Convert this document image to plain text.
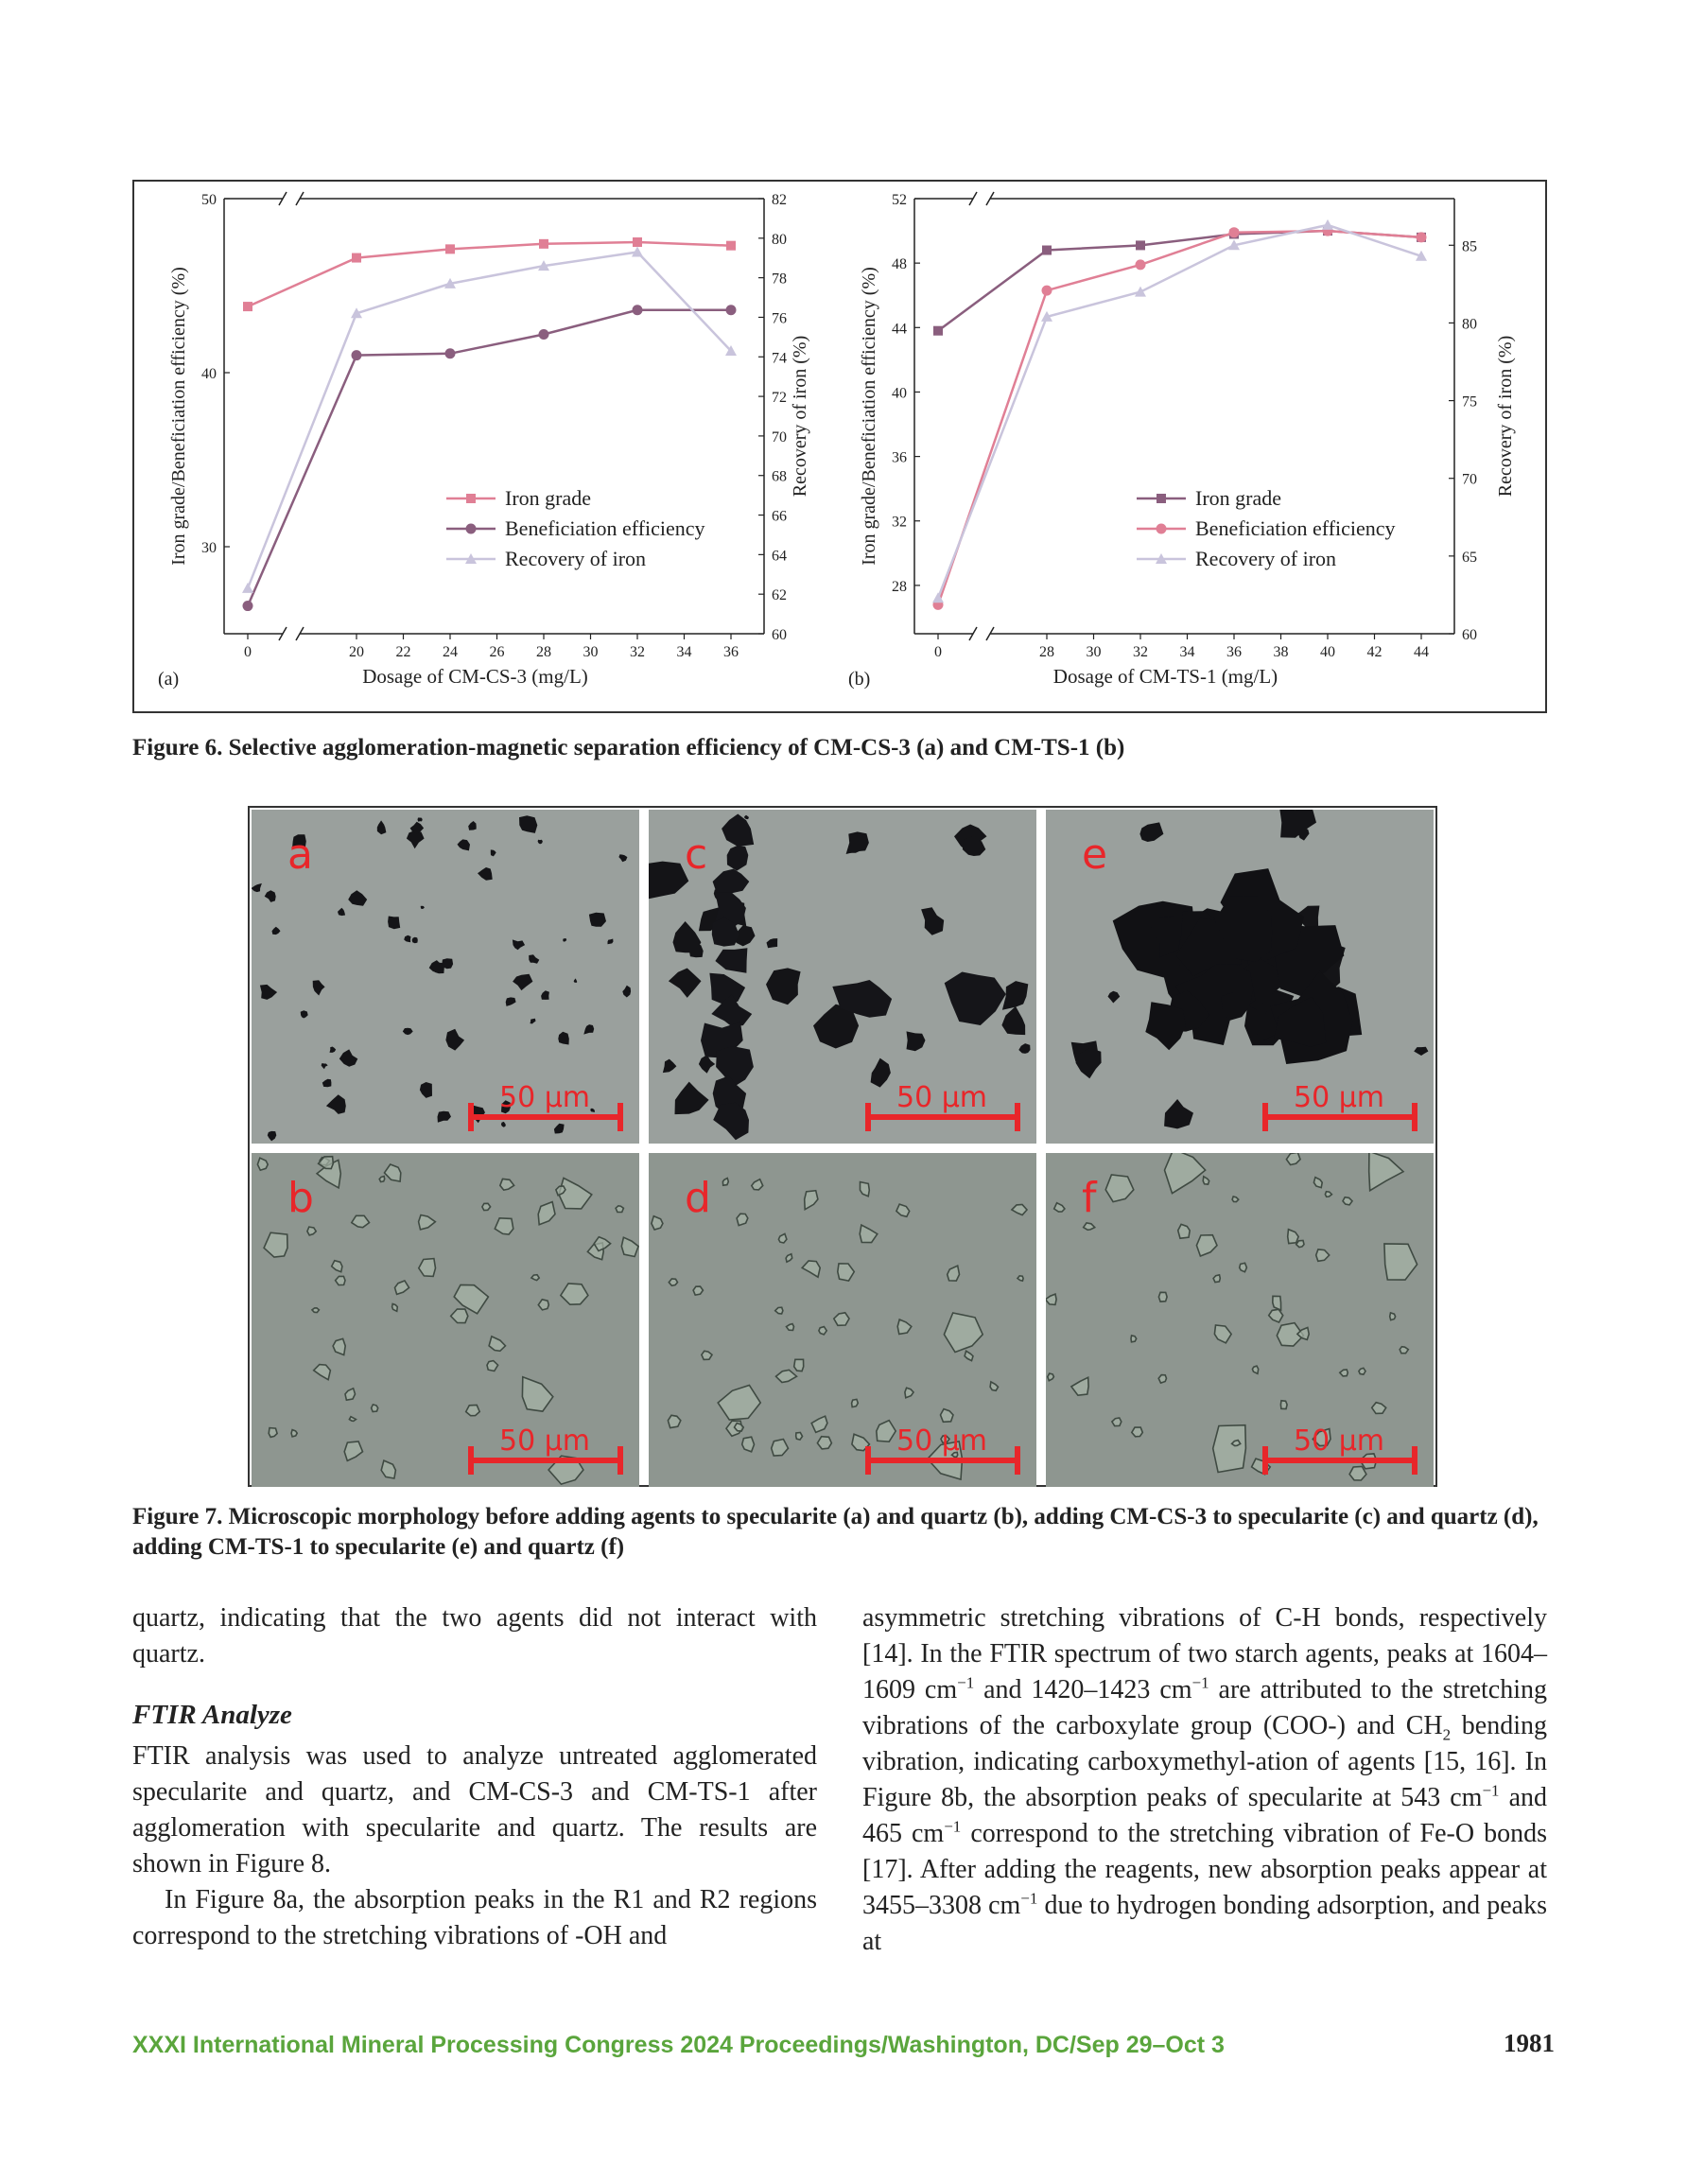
0	20 22 24 26 28 30 32 34 36
30
40
50
60
62
64
66
68
70
72
74
76
78
80
82
Dosage of CM-CS-3 (mg/L)
Iron grade/Beneficiation efficiency (%)	Recovery of iron (%)
(a)
Iron grade
Beneficiation efficiency
Recovery of iron
0	28 30 32 34 36 38 40 42 44
28
32
36
40
44
48
52
60
65
70
75
80
85
Dosage of CM-TS-1 (mg/L)
Iron grade/Beneficiation efficiency (%)	Recovery of iron (%)
(b)
Iron grade
Beneficiation efficiency
Recovery of iron
Figure 6. Selective agglomeration-magnetic separation efficiency of CM-CS-3 (a) and CM-TS-1 (b)
a
50 μm
c
50 μm
e
50 μm
b
50 μm
d
50 μm
f
50 μm
Figure 7. Microscopic morphology before adding agents to specularite (a) and quartz (b), adding CM-CS-3 to specularite (c) and quartz (d), adding CM-TS-1 to specularite (e) and quartz (f)

quartz, indicating that the two agents did not interact with quartz.

FTIR Analyze

FTIR analysis was used to analyze untreated agglomerated specularite and quartz, and CM-CS-3 and CM-TS-1 after agglomeration with specularite and quartz. The results are shown in Figure 8.

In Figure 8a, the absorption peaks in the R1 and R2 regions correspond to the stretching vibrations of -OH and

asymmetric stretching vibrations of C-H bonds, respectively [14]. In the FTIR spectrum of two starch agents, peaks at 1604–1609 $cm^{-1}$ and 1420–1423 $cm^{-1}$ are attributed to the stretching vibrations of the carboxylate group (COO-) and $CH_2$ bending vibration, indicating carboxymethyl-ation of agents [15, 16]. In Figure 8b, the absorption peaks of specularite at 543 $cm^{-1}$ and 465 $cm^{-1}$ correspond to the stretching vibration of Fe-O bonds [17]. After adding the reagents, new absorption peaks appear at 3455–3308 $cm^{-1}$ due to hydrogen bonding adsorption, and peaks at

XXXI International Mineral Processing Congress 2024 Proceedings/Washington, DC/Sep 29–Oct 3	1981
